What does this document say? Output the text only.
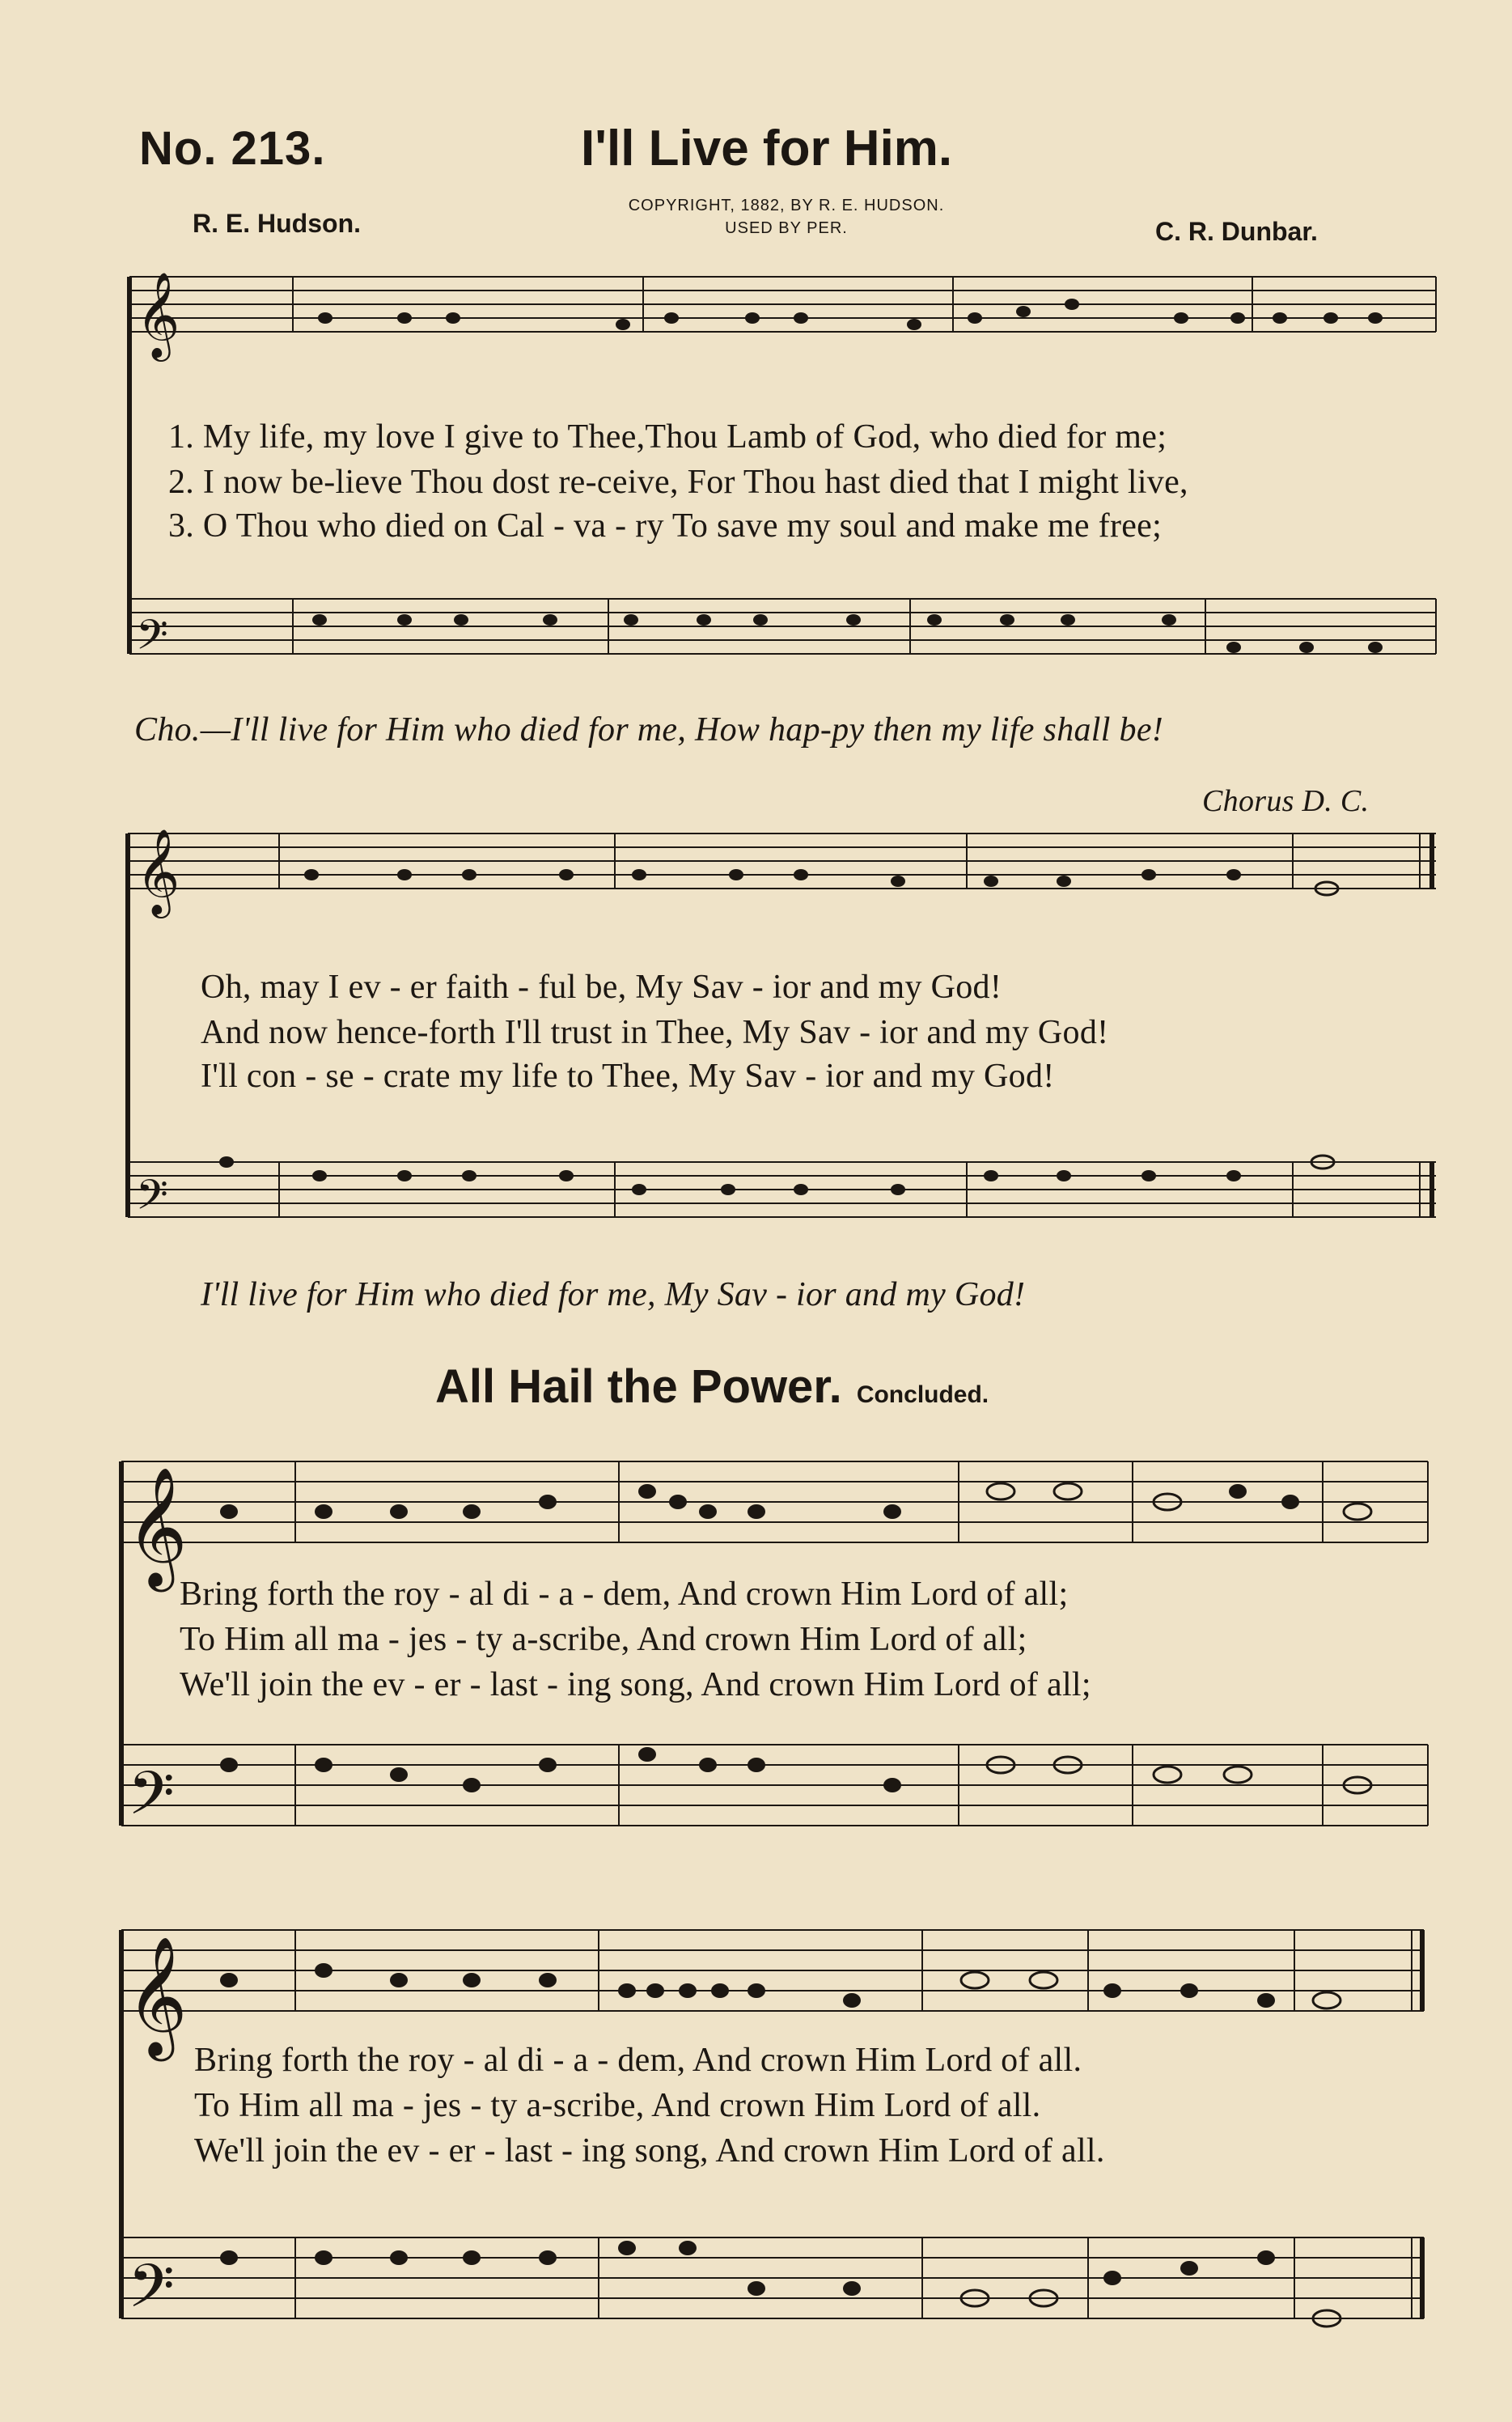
No. 213.	I'll Live for Him.
R. E. Hudson.
COPYRIGHT, 1882, BY R. E. HUDSON.
USED BY PER.	C. R. Dunbar.
𝄞
𝄢
𝄞
𝄢
𝄞
𝄢
𝄞
𝄢
1. My life, my love I give to Thee,Thou Lamb of God, who died for me;
2. I now be-lieve Thou dost re-ceive, For Thou hast died that I might live,
3. O Thou who died on Cal - va - ry To save my soul and make me free;
Cho.—I'll live for Him who died for me, How hap-py then my life shall be!
Chorus D. C.
Oh, may I ev - er faith - ful be, My Sav - ior and my God!
And now hence-forth I'll trust in Thee, My Sav - ior and my God!
I'll con - se - crate my life to Thee, My Sav - ior and my God!
I'll live for Him who died for me, My Sav - ior and my God!
All Hail the Power. Concluded.
Bring forth the roy - al di - a - dem, And crown Him Lord of all;
To Him all ma - jes - ty a-scribe, And crown Him Lord of all;
We'll join the ev - er - last - ing song, And crown Him Lord of all;
Bring forth the roy - al di - a - dem, And crown Him Lord of all.
To Him all ma - jes - ty a-scribe, And crown Him Lord of all.
We'll join the ev - er - last - ing song, And crown Him Lord of all.
